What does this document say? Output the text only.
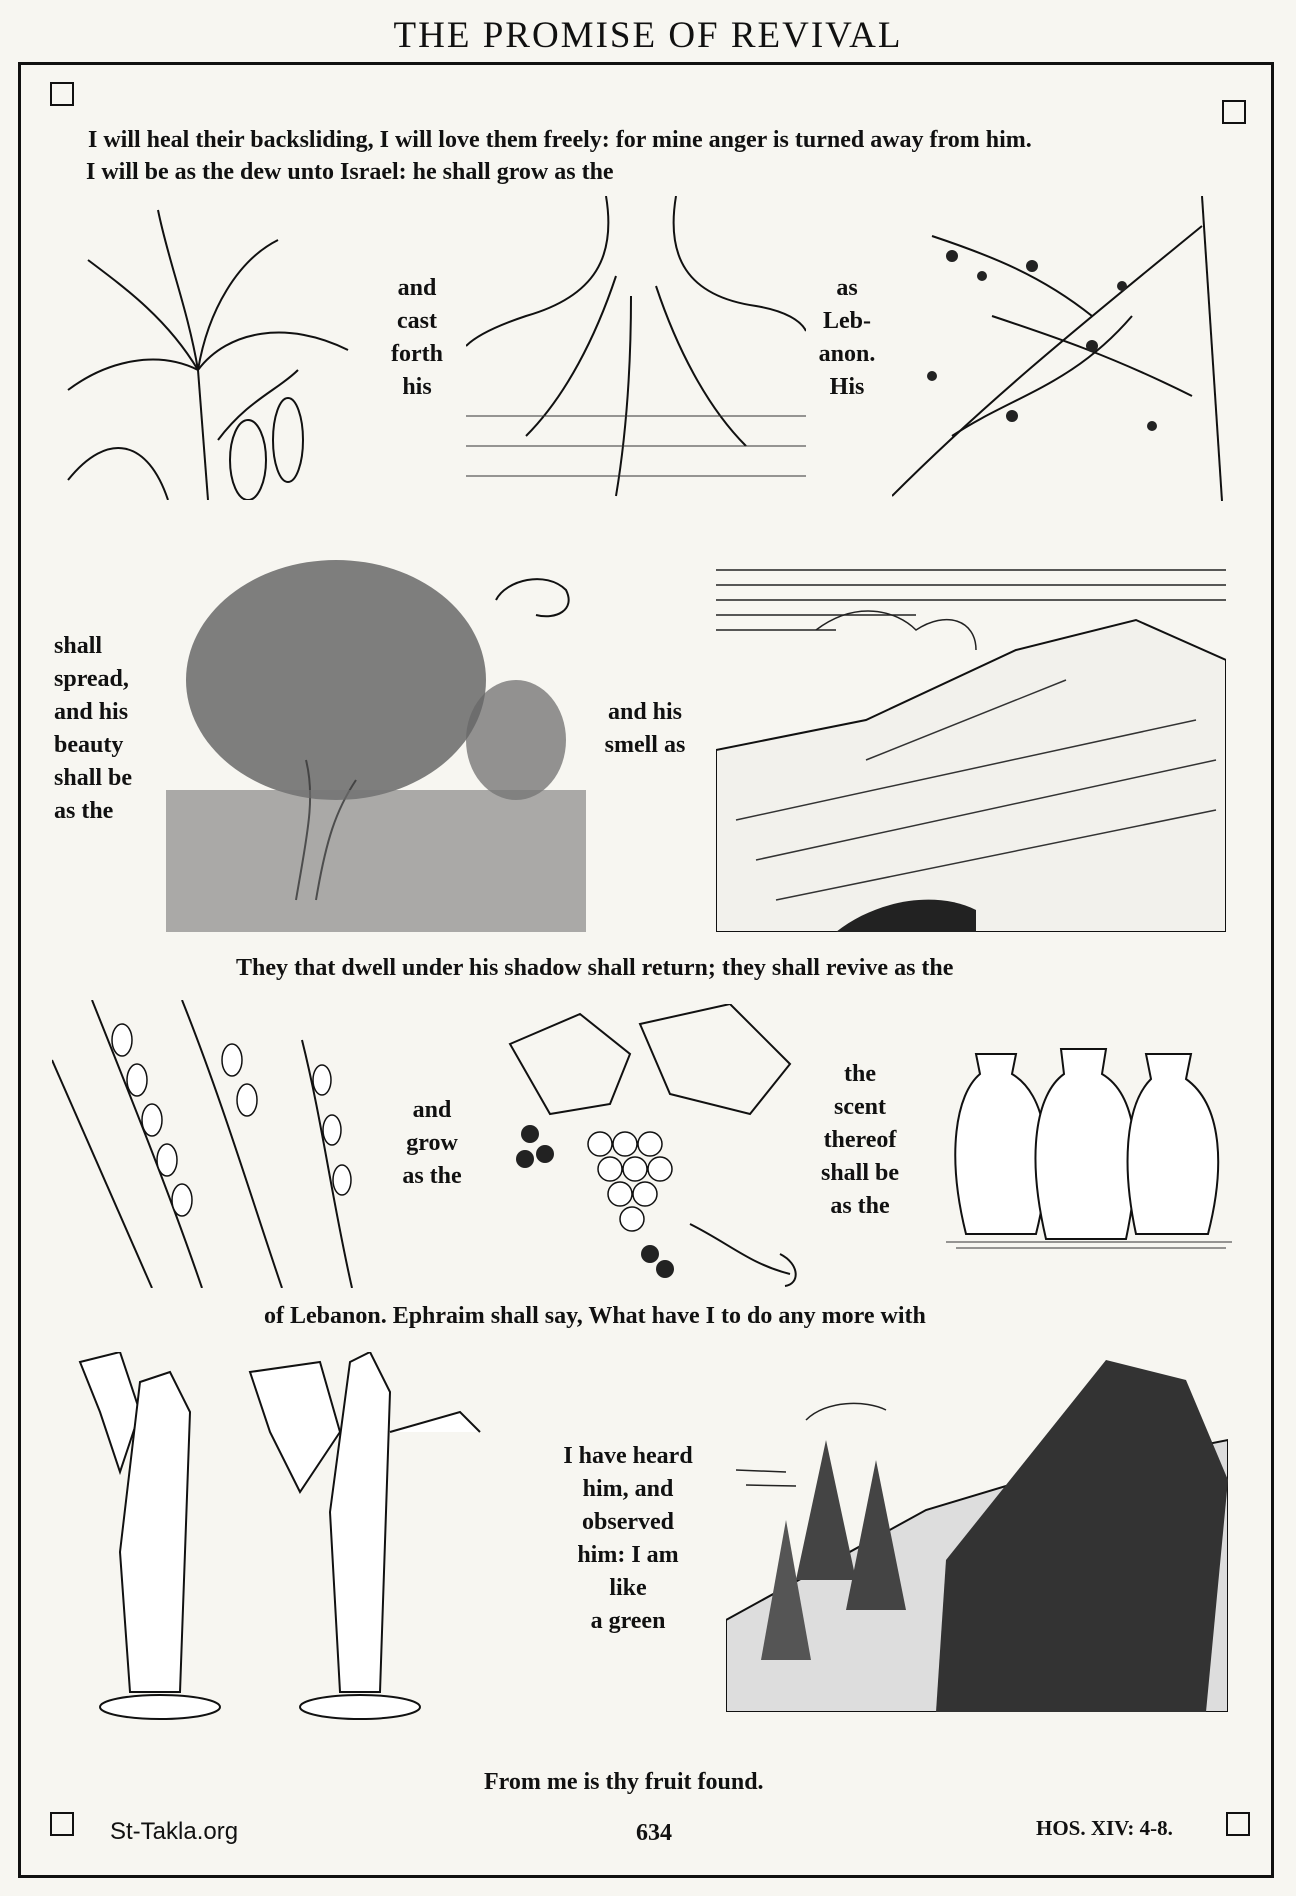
THE PROMISE OF REVIVAL
I will heal their backsliding, I will love them freely: for mine anger is turned away from him.
I will be as the dew unto Israel: he shall grow as the
and
cast
forth
his
as
Leb-
anon.
His
shall
spread,
and his
beauty
shall be
as the
and his
smell as
They that dwell under his shadow shall return; they shall revive as the
and
grow
as the
the
scent
thereof
shall be
as the
of Lebanon. Ephraim shall say, What have I to do any more with
I have heard
him, and
observed
him: I am
like
a green
From me is thy fruit found.
St-Takla.org	634	HOS. XIV: 4-8.
